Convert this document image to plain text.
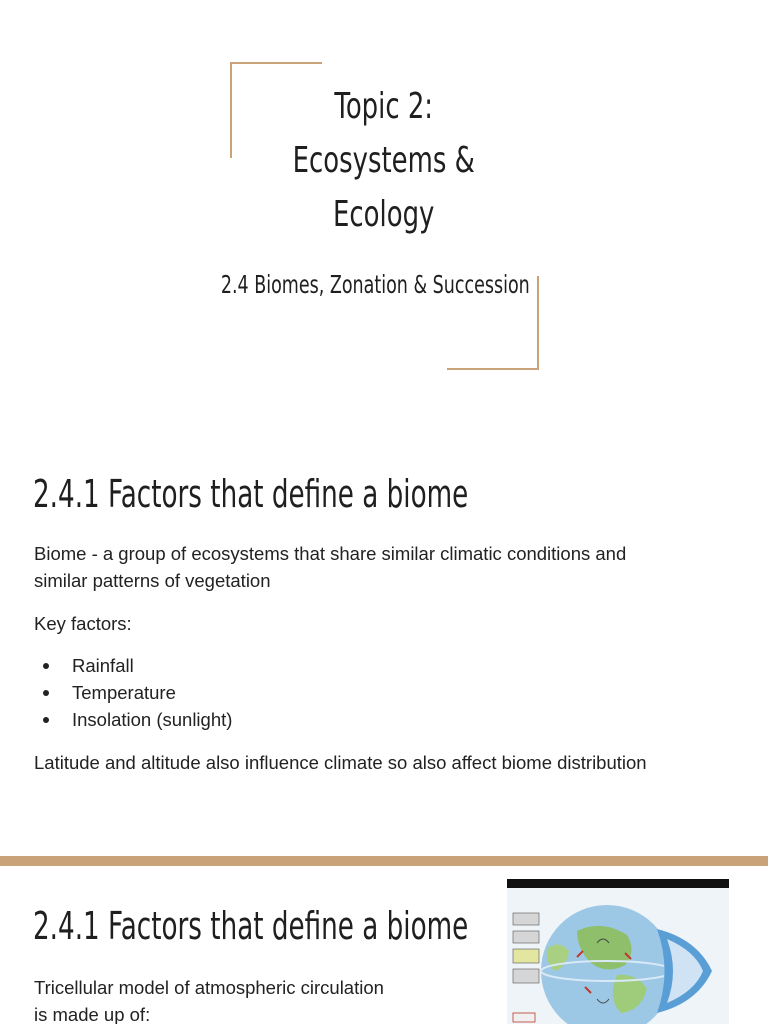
Topic 2:
Ecosystems &
Ecology
2.4 Biomes, Zonation & Succession
2.4.1 Factors that define a biome
Biome - a group of ecosystems that share similar climatic conditions and
similar patterns of vegetation
Key factors:
Rainfall
Temperature
Insolation (sunlight)
Latitude and altitude also influence climate so also affect biome distribution
2.4.1 Factors that define a biome
Tricellular model of atmospheric circulation
is made up of:
